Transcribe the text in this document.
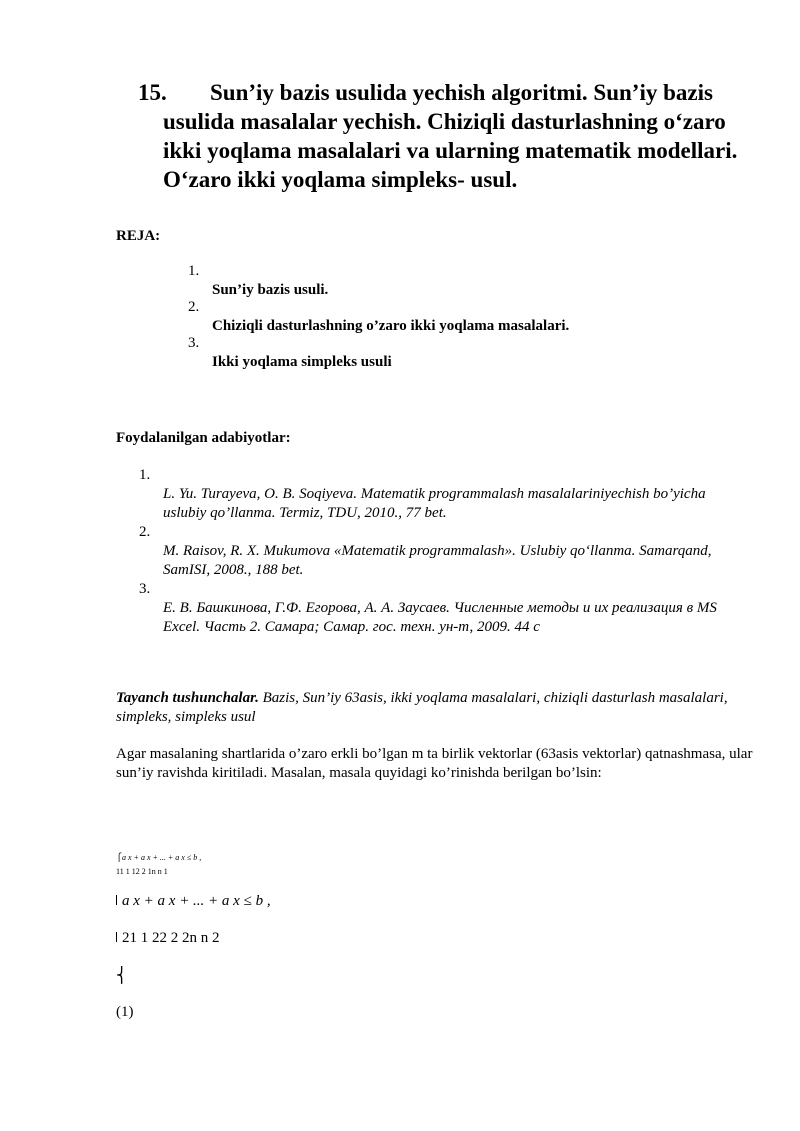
15. Sun’iy bazis usulida yechish algoritmi. Sun’iy bazis
usulida masalalar yechish. Chiziqli dasturlashning o‘zaro ikki yoqlama masalalari va ularning matematik modellari. O‘zaro ikki yoqlama simpleks- usul.
REJA:
1.
Sun’iy bazis usuli.
2.
Chiziqli dasturlashning o’zaro ikki yoqlama masalalari.
3.
Ikki yoqlama simpleks usuli
Foydalanilgan adabiyotlar:
1.
L. Yu. Turayeva, O. B. Soqiyeva. Matematik programmalash masalalariniyechish bo’yicha uslubiy qo’llanma. Termiz, TDU, 2010., 77 bet.
2.
M. Raisov, R. X. Mukumova «Matematik programmalash». Uslubiy qo‘llanma. Samarqand, SamISI, 2008., 188 bet.
3.
Е. В. Башкинова, Г.Ф. Егорова, А. А. Заусаев. Численные методы и их реализация в MS Excel. Часть 2. Самара; Самар. гос. техн. ун-т, 2009. 44 с
Tayanch tushunchalar. Bazis, Sun’iy 63asis, ikki yoqlama masalalari, chiziqli dasturlash masalalari, simpleks, simpleks usul
Agar masalaning shartlarida o’zaro erkli bo’lgan m ta birlik vektorlar (63asis vektorlar) qatnashmasa, ular sun’iy ravishda kiritiladi. Masalan, masala quyidagi ko’rinishda berilgan bo’lsin:
⎧a x + a x + ... + a x ≤ b ,
11 1 12 2 1n n 1
a x + a x + ... + a x ≤ b ,
21 1 22 2 2n n 2
⎨
(1)
